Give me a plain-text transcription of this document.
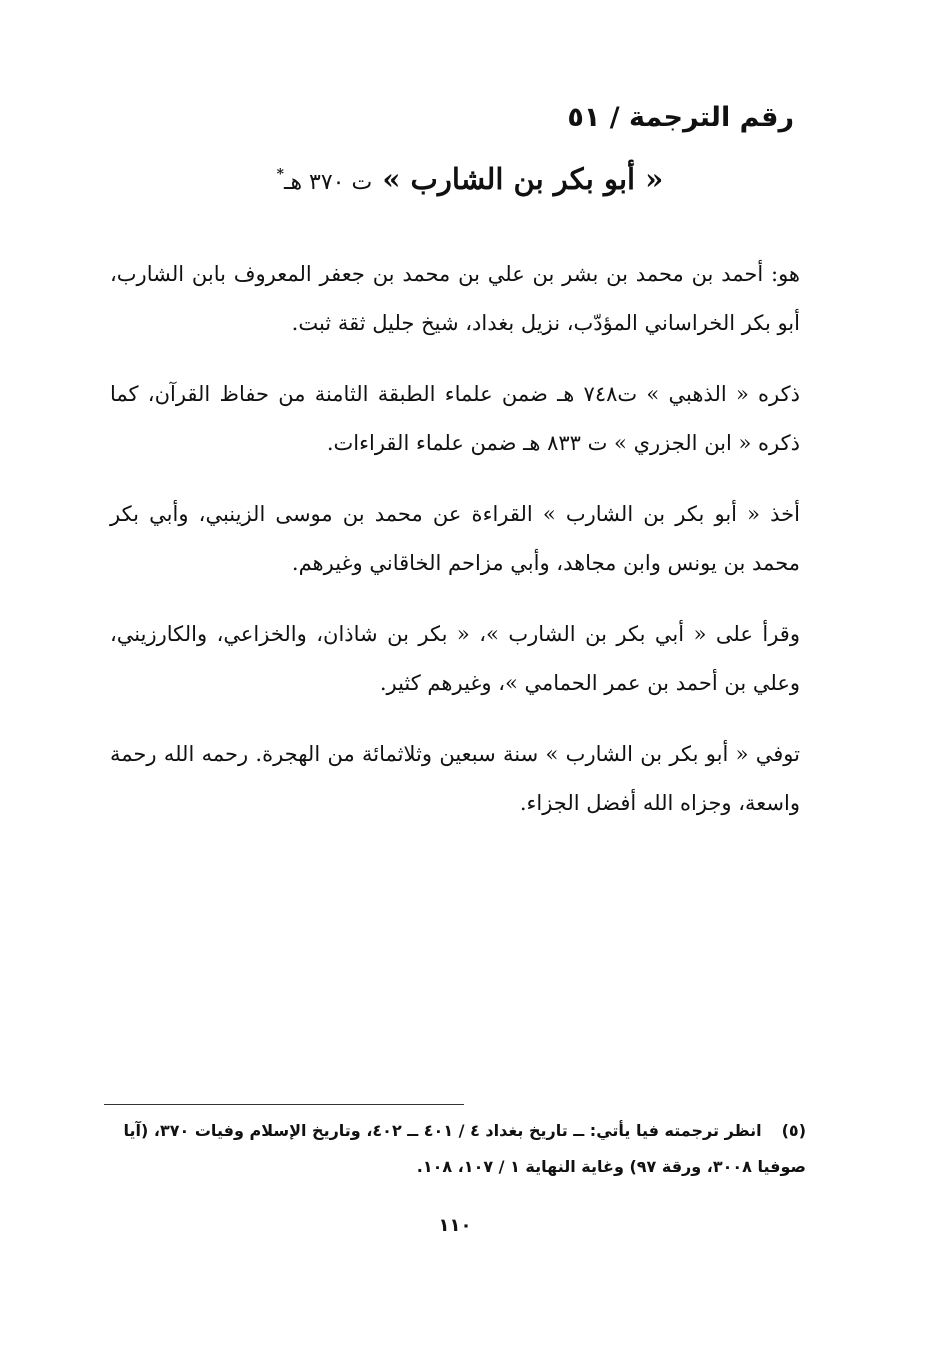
رقم الترجمة / ٥١
« أبو بكر بن الشارب » ت ٣٧٠ هـ*

هو: أحمد بن محمد بن بشر بن علي بن محمد بن جعفر المعروف بابن الشارب، أبو بكر الخراساني المؤدّب، نزيل بغداد، شيخ جليل ثقة ثبت.

ذكره « الذهبي » ت٧٤٨ هـ ضمن علماء الطبقة الثامنة من حفاظ القرآن، كما ذكره « ابن الجزري » ت ٨٣٣ هـ ضمن علماء القراءات.

أخذ « أبو بكر بن الشارب » القراءة عن محمد بن موسى الزينبي، وأبي بكر محمد بن يونس وابن مجاهد، وأبي مزاحم الخاقاني وغيرهم.

وقرأ على « أبي بكر بن الشارب »، « بكر بن شاذان، والخزاعي، والكارزيني، وعلي بن أحمد بن عمر الحمامي »، وغيرهم كثير.

توفي « أبو بكر بن الشارب » سنة سبعين وثلاثمائة من الهجرة. رحمه الله رحمة واسعة، وجزاه الله أفضل الجزاء.

(٥)انظر ترجمته فيا يأتي: ــ تاريخ بغداد ٤ / ٤٠١ ــ ٤٠٢، وتاريخ الإسلام وفيات ٣٧٠، (آيا صوفيا ٣٠٠٨، ورقة ٩٧) وغاية النهاية ١ / ١٠٧، ١٠٨.
١١٠
